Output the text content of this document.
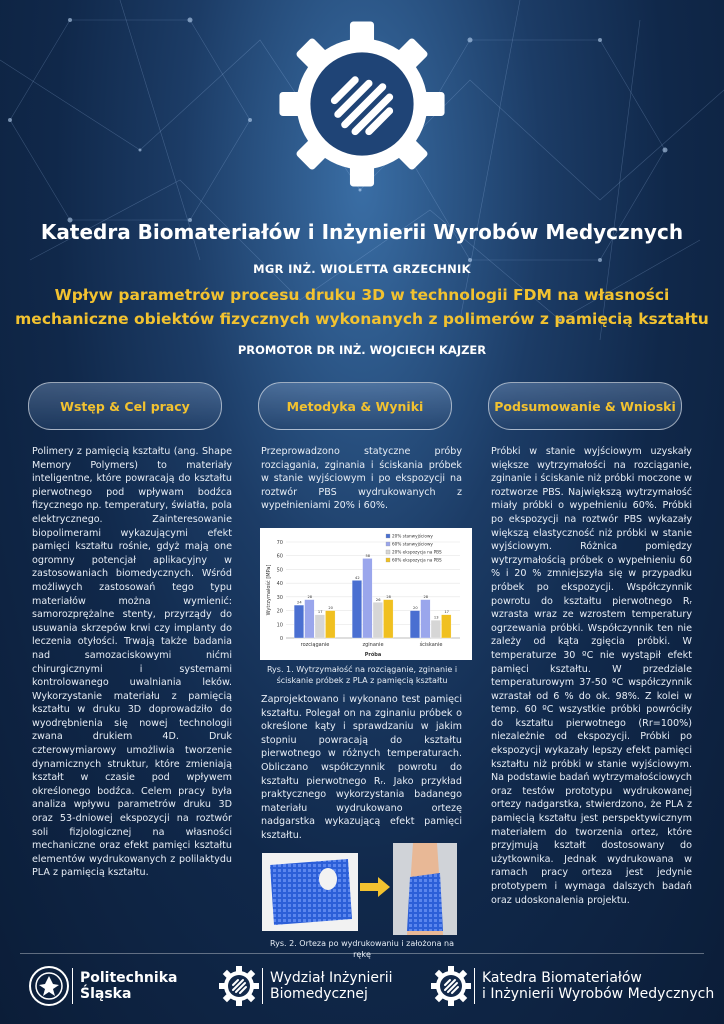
Katedra Biomateriałów i Inżynierii Wyrobów Medycznych
MGR INŻ. WIOLETTA GRZECHNIK
Wpływ parametrów procesu druku 3D w technologii FDM na własności mechaniczne obiektów fizycznych wykonanych z polimerów z pamięcią kształtu
PROMOTOR DR INŻ. WOJCIECH KAJZER
Wstęp & Cel pracy	Metodyka & Wyniki	Podsumowanie & Wnioski

Polimery z pamięcią kształtu (ang. Shape Memory Polymers) to materiały inteligentne, które powracają do kształtu pierwotnego pod wpływam bodźca fizycznego np. temperatury, światła, pola elektrycznego. Zainteresowanie biopolimerami wykazującymi efekt pamięci kształtu rośnie, gdyż mają one ogromny potencjał aplikacyjny w zastosowaniach biomedycznych. Wśród możliwych zastosowań tego typu materiałów można wymienić: samorozprężalne stenty, przyrządy do usuwania skrzepów krwi czy implanty do leczenia otyłości. Trwają także badania nad samozaciskowymi nićmi chirurgicznymi i systemami kontrolowanego uwalniania leków. Wykorzystanie materiału z pamięcią kształtu w druku 3D doprowadziło do wyodrębnienia się nowej technologii zwana drukiem 4D. Druk czterowymiarowy umożliwia tworzenie dynamicznych struktur, które zmieniają kształt w czasie pod wpływem określonego bodźca. Celem pracy była analiza wpływu parametrów druku 3D oraz 53-dniowej ekspozycji na roztwór soli fizjologicznej na własności mechaniczne oraz efekt pamięci kształtu elementów wydrukowanych z polilaktydu PLA z pamięcią kształtu.

Przeprowadzono statyczne próby rozciągania, zginania i ściskania próbek w stanie wyjściowym i po ekspozycji na roztwór PBS wydrukowanych z wypełnieniami 20% i 60%.

0
10
20
30
40
50
60
70
Wytrzymałość [MPa]
Próba
rozciąganie
24
28
17
20
zginanie
42
58
26
28
ściskanie
20
28
13
17
20% stanwyjściowy
60% stanwyjściowy
20% ekspozycja na PBS
60% ekspozycja na PBS
Rys. 1. Wytrzymałość na rozciąganie, zginanie i ściskanie próbek z PLA z pamięcią kształtu

Zaprojektowano i wykonano test pamięci kształtu. Polegał on na zginaniu próbek o określone kąty i sprawdzaniu w jakim stopniu powracają do kształtu pierwotnego w różnych temperaturach. Obliczano współczynnik powrotu do kształtu pierwotnego Rᵣ. Jako przykład praktycznego wykorzystania badanego materiału wydrukowano ortezę nadgarstka wykazującą efekt pamięci kształtu.

Rys. 2. Orteza po wydrukowaniu i założona na rękę

Próbki w stanie wyjściowym uzyskały większe wytrzymałości na rozciąganie, zginanie i ściskanie niż próbki moczone w roztworze PBS. Największą wytrzymałość miały próbki o wypełnieniu 60%. Próbki po ekspozycji na roztwór PBS wykazały większą elastyczność niż próbki w stanie wyjściowym. Różnica pomiędzy wytrzymałością próbek o wypełnieniu 60 % i 20 % zmniejszyła się w przypadku próbek po ekspozycji. Współczynnik powrotu do kształtu pierwotnego Rᵣ wzrasta wraz ze wzrostem temperatury ogrzewania próbki. Współczynnik ten nie zależy od kąta zgięcia próbki. W temperaturze 30 ºC nie wystąpił efekt pamięci kształtu. W przedziale temperaturowym 37-50 ºC współczynnik wzrastał od 6 % do ok. 98%. Z kolei w temp. 60 ºC wszystkie próbki powróciły do kształtu pierwotnego (Rr=100%) niezależnie od ekspozycji. Próbki po ekspozycji wykazały lepszy efekt pamięci kształtu niż próbki w stanie wyjściowym. Na podstawie badań wytrzymałościowych oraz testów prototypu wydrukowanej ortezy nadgarstka, stwierdzono, że PLA z pamięcią kształtu jest perspektywicznym materiałem do tworzenia ortez, które przyjmują kształt dostosowany do użytkownika. Jednak wydrukowana w ramach pracy orteza jest jedynie prototypem i wymaga dalszych badań oraz udoskonalenia projektu.

Politechnika
Śląska
Wydział Inżynierii
Biomedycznej
Katedra Biomateriałów
i Inżynierii Wyrobów Medycznych
